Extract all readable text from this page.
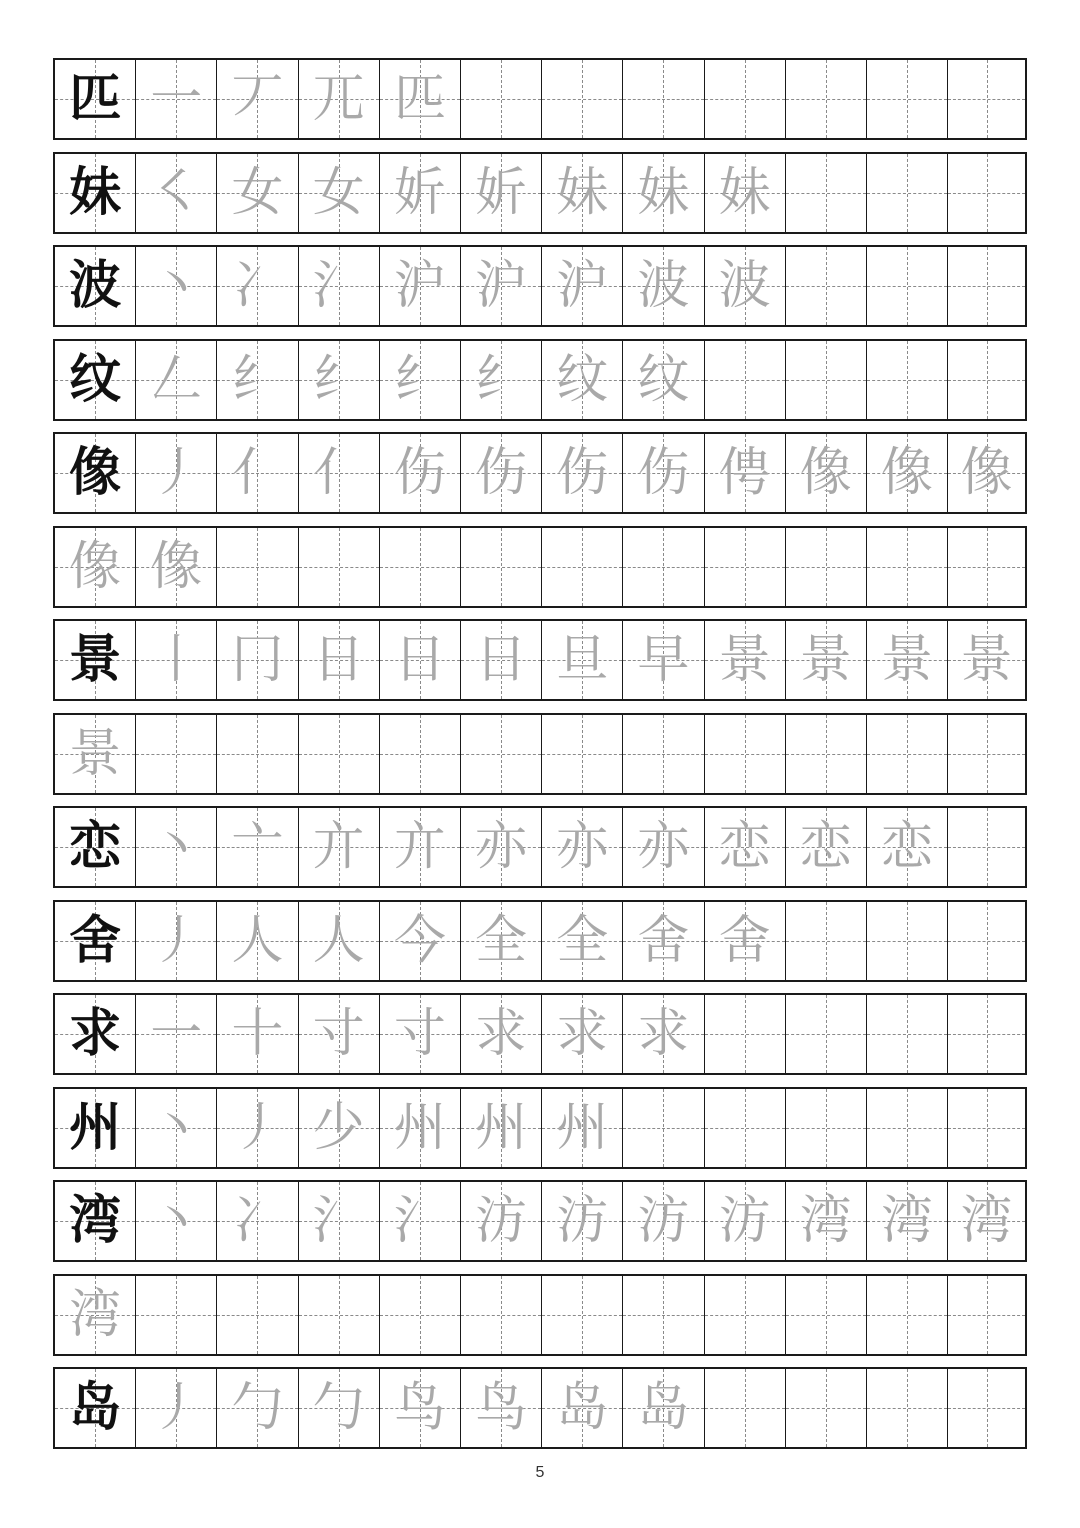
匹 一 丆 兀 匹
妹 ㇛ 女 女 妡 妡 妹 妹 妹
波 丶 冫 氵 沪 沪 沪 波 波
纹 𠃋 纟 纟 纟 纟 纹 纹
像 丿 亻 亻 伤 伤 伤 伤 俜 像 像 像
像 像
景 丨 冂 日 日 日 旦 早 景 景 景 景
景
恋 丶 亠 亣 亣 亦 亦 亦 恋 恋 恋
舍 丿 人 人 今 全 全 舍 舍
求 一 十 寸 寸 求 求 求
州 丶 丿 少 州 州 州
湾 丶 冫 氵 氵 汸 汸 汸 汸 湾 湾 湾
湾
岛 丿 勹 勹 鸟 鸟 岛 岛
5
